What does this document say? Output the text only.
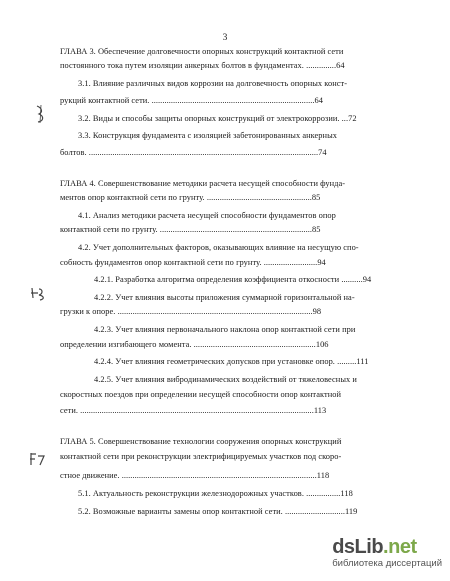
3
ГЛАВА 3. Обеспечение долговечности опорных конструкций контактной сети
постоянного тока путем изоляции анкерных болтов в фундаментах. ..............64
3.1. Влияние различных видов коррозии на долговечность опорных конст-
рукций контактной сети. ............................................................................64
3.2. Виды и способы защиты опорных конструкций от электрокоррозии. ...72
3.3. Конструкция фундамента с изоляцией забетонированных анкерных
болтов. ...........................................................................................................74
ГЛАВА 4. Совершенствование методики расчета несущей способности фунда-
ментов опор контактной сети по грунту. .................................................85
4.1. Анализ методики расчета несущей способности фундаментов опор
контактной сети по грунту. .......................................................................85
4.2. Учет дополнительных факторов, оказывающих влияние на несущую спо-
собность фундаментов опор контактной сети по грунту. .........................94
4.2.1. Разработка алгоритма определения коэффициента откосности ..........94
4.2.2. Учет влияния высоты приложения суммарной горизонтальной на-
грузки к опоре. ...........................................................................................98
4.2.3. Учет влияния первоначального наклона опор контактной сети при
определении изгибающего момента. .........................................................106
4.2.4. Учет влияния геометрических допусков при установке опор. .........111
4.2.5. Учет влияния вибродинамических воздействий от тяжеловесных и
скоростных поездов при определении несущей способности опор контактной
сети. .............................................................................................................113
ГЛАВА 5. Совершенствование технологии сооружения опорных конструкций
контактной сети при реконструкции электрифицируемых участков под скоро-
стное движение. ...........................................................................................118
5.1. Актуальность реконструкции железнодорожных участков. ................118
5.2. Возможные варианты замены опор контактной сети. ............................119
dsLib.net
библиотека диссертаций
